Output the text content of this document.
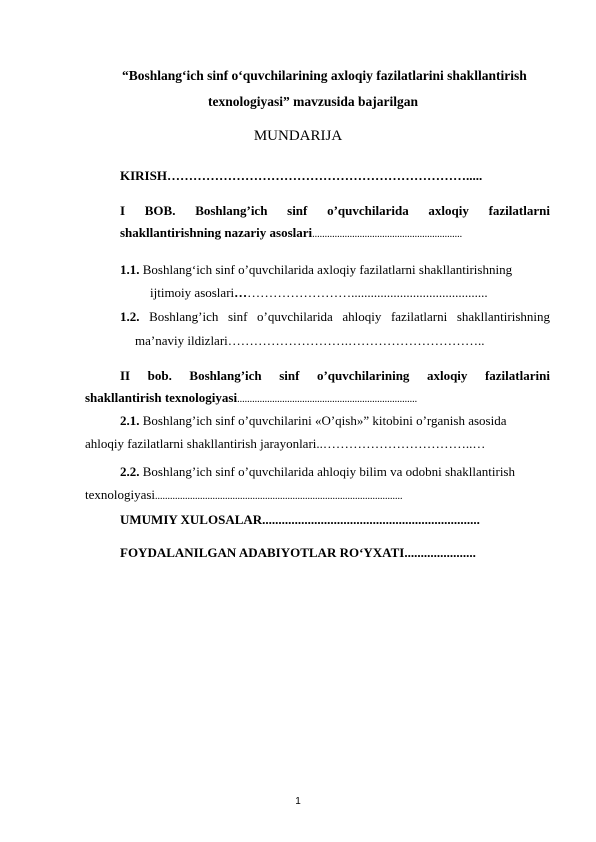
“Boshlang‘ich sinf o‘quvchilarining axloqiy fazilatlarini shakllantirish
texnologiyasi” mavzusida bajarilgan
MUNDARIJA
KIRISH…………………………………………………………….....
I BOB. Boshlang’ich sinf o’quvchilarida axloqiy fazilatlarni
shakllantirishning nazariy asoslari............................................................
1.1. Boshlang‘ich sinf o’quvchilarida axloqiy fazilatlarni shakllantirishning
ijtimoiy asoslari………………………..........................................
1.2. Boshlang’ich sinf o’quvchilarida ahloqiy fazilatlarni shakllantirishning
ma’naviy ildizlari……………………….…………………………..
II bob. Boshlang’ich sinf o’quvchilarining axloqiy fazilatlarini
shakllantirish texnologiyasi........................................................................
2.1. Boshlang’ich sinf o’quvchilarini «O’qish»” kitobini o’rganish asosida
ahloqiy fazilatlarni shakllantirish jarayonlari..……………………………..…
2.2. Boshlang’ich sinf o’quvchilarida ahloqiy bilim va odobni shakllantirish
texnologiyasi...................................................................................................
UMUMIY XULOSALAR...................................................................
FOYDALANILGAN ADABIYOTLAR RO‘YXATI......................
1
